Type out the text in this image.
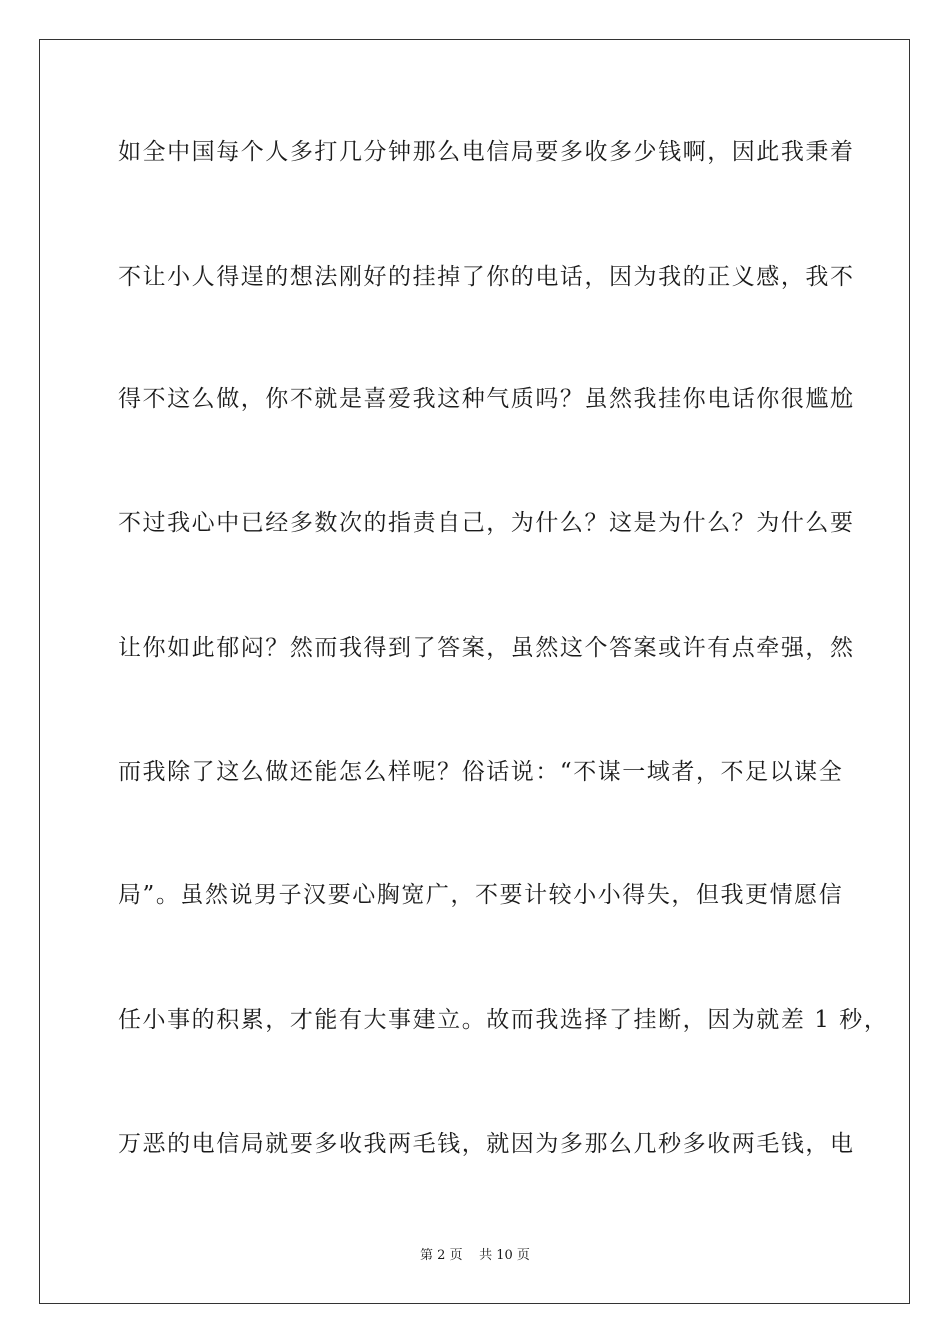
如全中国每个人多打几分钟那么电信局要多收多少钱啊，因此我秉着
不让小人得逞的想法刚好的挂掉了你的电话，因为我的正义感，我不
得不这么做，你不就是喜爱我这种气质吗？虽然我挂你电话你很尴尬
不过我心中已经多数次的指责自己，为什么？这是为什么？为什么要
让你如此郁闷？然而我得到了答案，虽然这个答案或许有点牵强，然
而我除了这么做还能怎么样呢？俗话说：“不谋一域者，不足以谋全
局”。虽然说男子汉要心胸宽广，不要计较小小得失，但我更情愿信
任小事的积累，才能有大事建立。故而我选择了挂断，因为就差 1 秒，
万恶的电信局就要多收我两毛钱，就因为多那么几秒多收两毛钱，电
第 2 页 共 10 页
